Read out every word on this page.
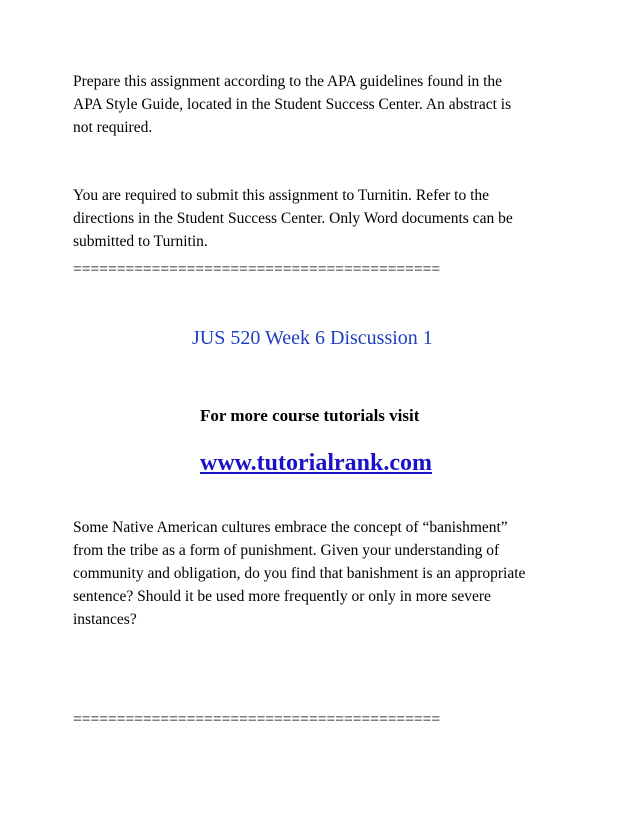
Prepare this assignment according to the APA guidelines found in the
APA Style Guide, located in the Student Success Center. An abstract is
not required.

You are required to submit this assignment to Turnitin. Refer to the
directions in the Student Success Center. Only Word documents can be
submitted to Turnitin.

==========================================
JUS 520 Week 6 Discussion 1
For more course tutorials visit
www.tutorialrank.com

Some Native American cultures embrace the concept of “banishment”
from the tribe as a form of punishment. Given your understanding of
community and obligation, do you find that banishment is an appropriate
sentence? Should it be used more frequently or only in more severe
instances?

==========================================
